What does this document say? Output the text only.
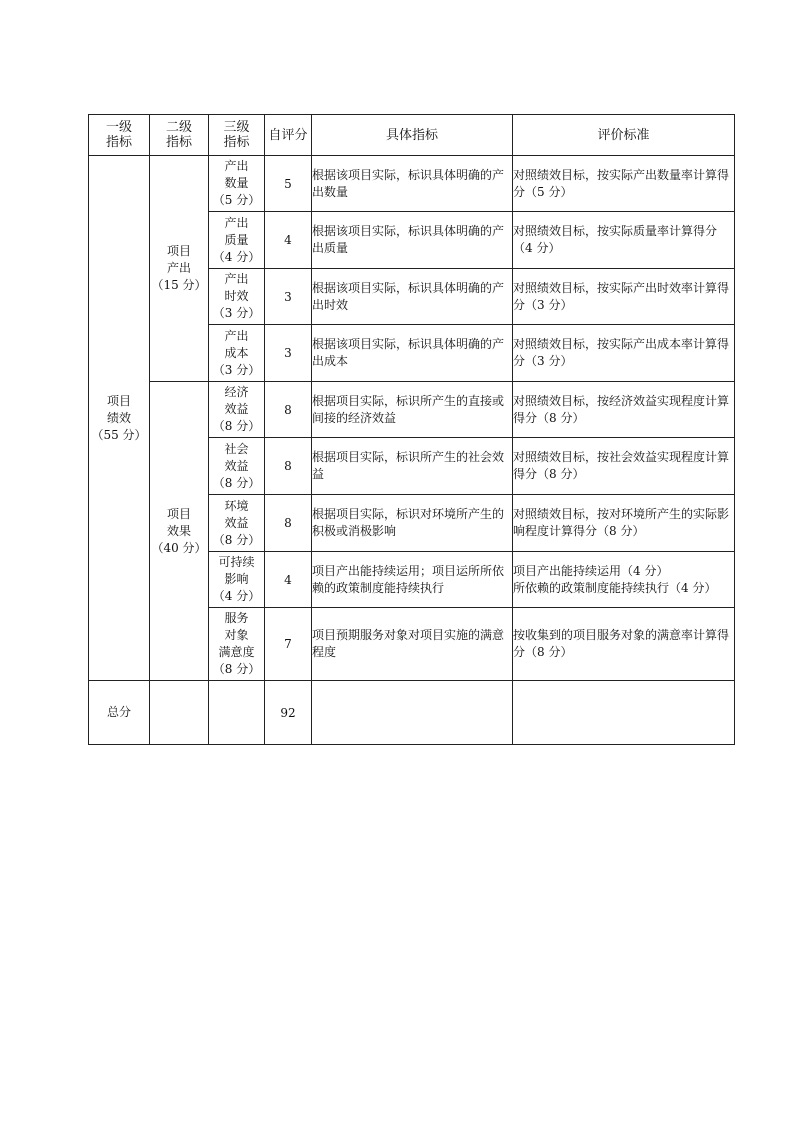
一级
指标	二级
指标	三级
指标	自评分	具体指标	评价标准

项目
绩效
（55 分）	项目
产出
（15 分）	产出
数量
（5 分）	5	根据该项目实际，标识具体明确的产出数量	对照绩效目标，按实际产出数量率计算得分（5 分）

		产出
质量
（4 分）	4	根据该项目实际，标识具体明确的产出质量	对照绩效目标，按实际质量率计算得分（4 分）

		产出
时效
（3 分）	3	根据该项目实际，标识具体明确的产出时效	对照绩效目标，按实际产出时效率计算得分（3 分）

		产出
成本
（3 分）	3	根据该项目实际，标识具体明确的产出成本	对照绩效目标，按实际产出成本率计算得分（3 分）

	项目
效果
（40 分）	经济
效益
（8 分）	8	根据项目实际，标识所产生的直接或间接的经济效益	对照绩效目标，按经济效益实现程度计算得分（8 分）

		社会
效益
（8 分）	8	根据项目实际，标识所产生的社会效益	对照绩效目标，按社会效益实现程度计算得分（8 分）

		环境
效益
（8 分）	8	根据项目实际，标识对环境所产生的积极或消极影响	对照绩效目标，按对环境所产生的实际影响程度计算得分（8 分）

		可持续
影响
（4 分）	4	项目产出能持续运用；项目运所所依赖的政策制度能持续执行	项目产出能持续运用（4 分）
所依赖的政策制度能持续执行（4 分）

		服务
对象
满意度
（8 分）	7	项目预期服务对象对项目实施的满意程度	按收集到的项目服务对象的满意率计算得分（8 分）
总分			92		
